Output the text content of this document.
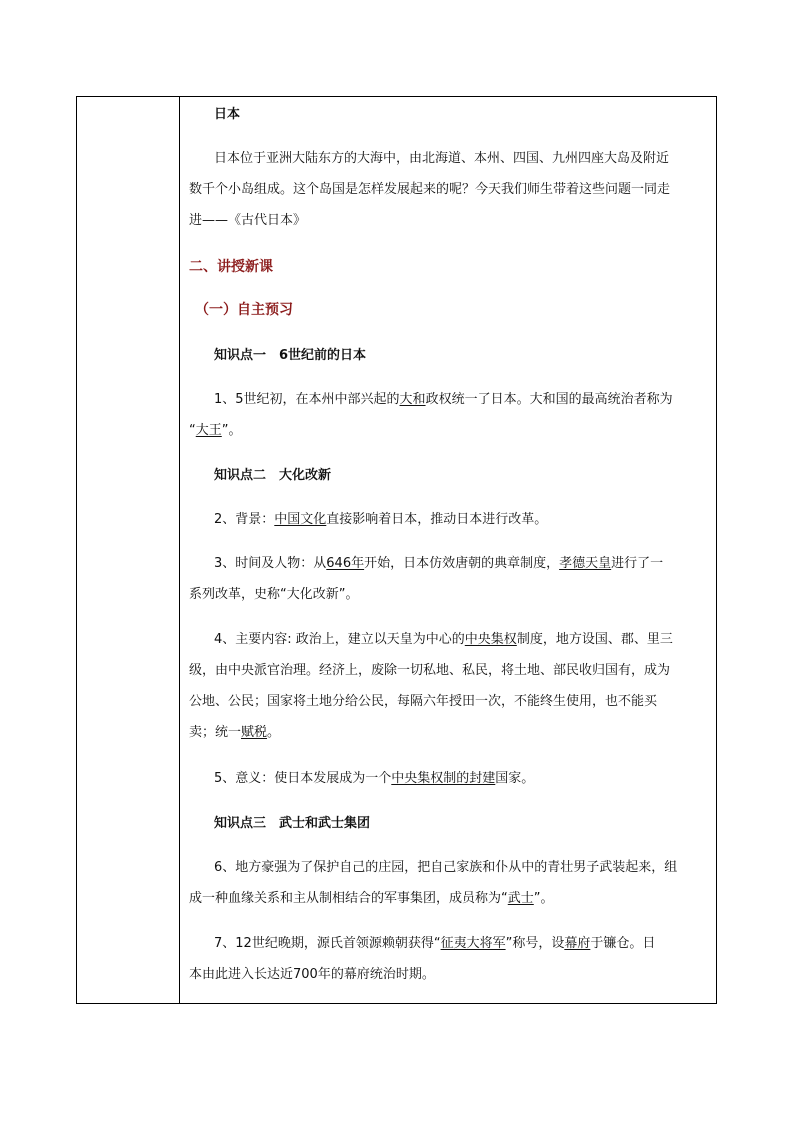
日本
日本位于亚洲大陆东方的大海中，由北海道、本州、四国、九州四座大岛及附近
数千个小岛组成。这个岛国是怎样发展起来的呢？今天我们师生带着这些问题一同走
进——《古代日本》
二、讲授新课
（一）自主预习
知识点一　6世纪前的日本
1、5世纪初，在本州中部兴起的大和政权统一了日本。大和国的最高统治者称为
“大王”。
知识点二　大化改新
2、背景：中国文化直接影响着日本，推动日本进行改革。
3、时间及人物：从646年开始，日本仿效唐朝的典章制度，孝德天皇进行了一
系列改革，史称“大化改新”。
4、主要内容: 政治上，建立以天皇为中心的中央集权制度，地方设国、郡、里三
级，由中央派官治理。经济上，废除一切私地、私民，将土地、部民收归国有，成为
公地、公民；国家将土地分给公民，每隔六年授田一次，不能终生使用，也不能买
卖；统一赋税。
5、意义：使日本发展成为一个中央集权制的封建国家。
知识点三　武士和武士集团
6、地方豪强为了保护自己的庄园，把自己家族和仆从中的青壮男子武装起来，组
成一种血缘关系和主从制相结合的军事集团，成员称为“武士”。
7、12世纪晚期，源氏首领源赖朝获得“征夷大将军”称号，设幕府于镰仓。日
本由此进入长达近700年的幕府统治时期。
